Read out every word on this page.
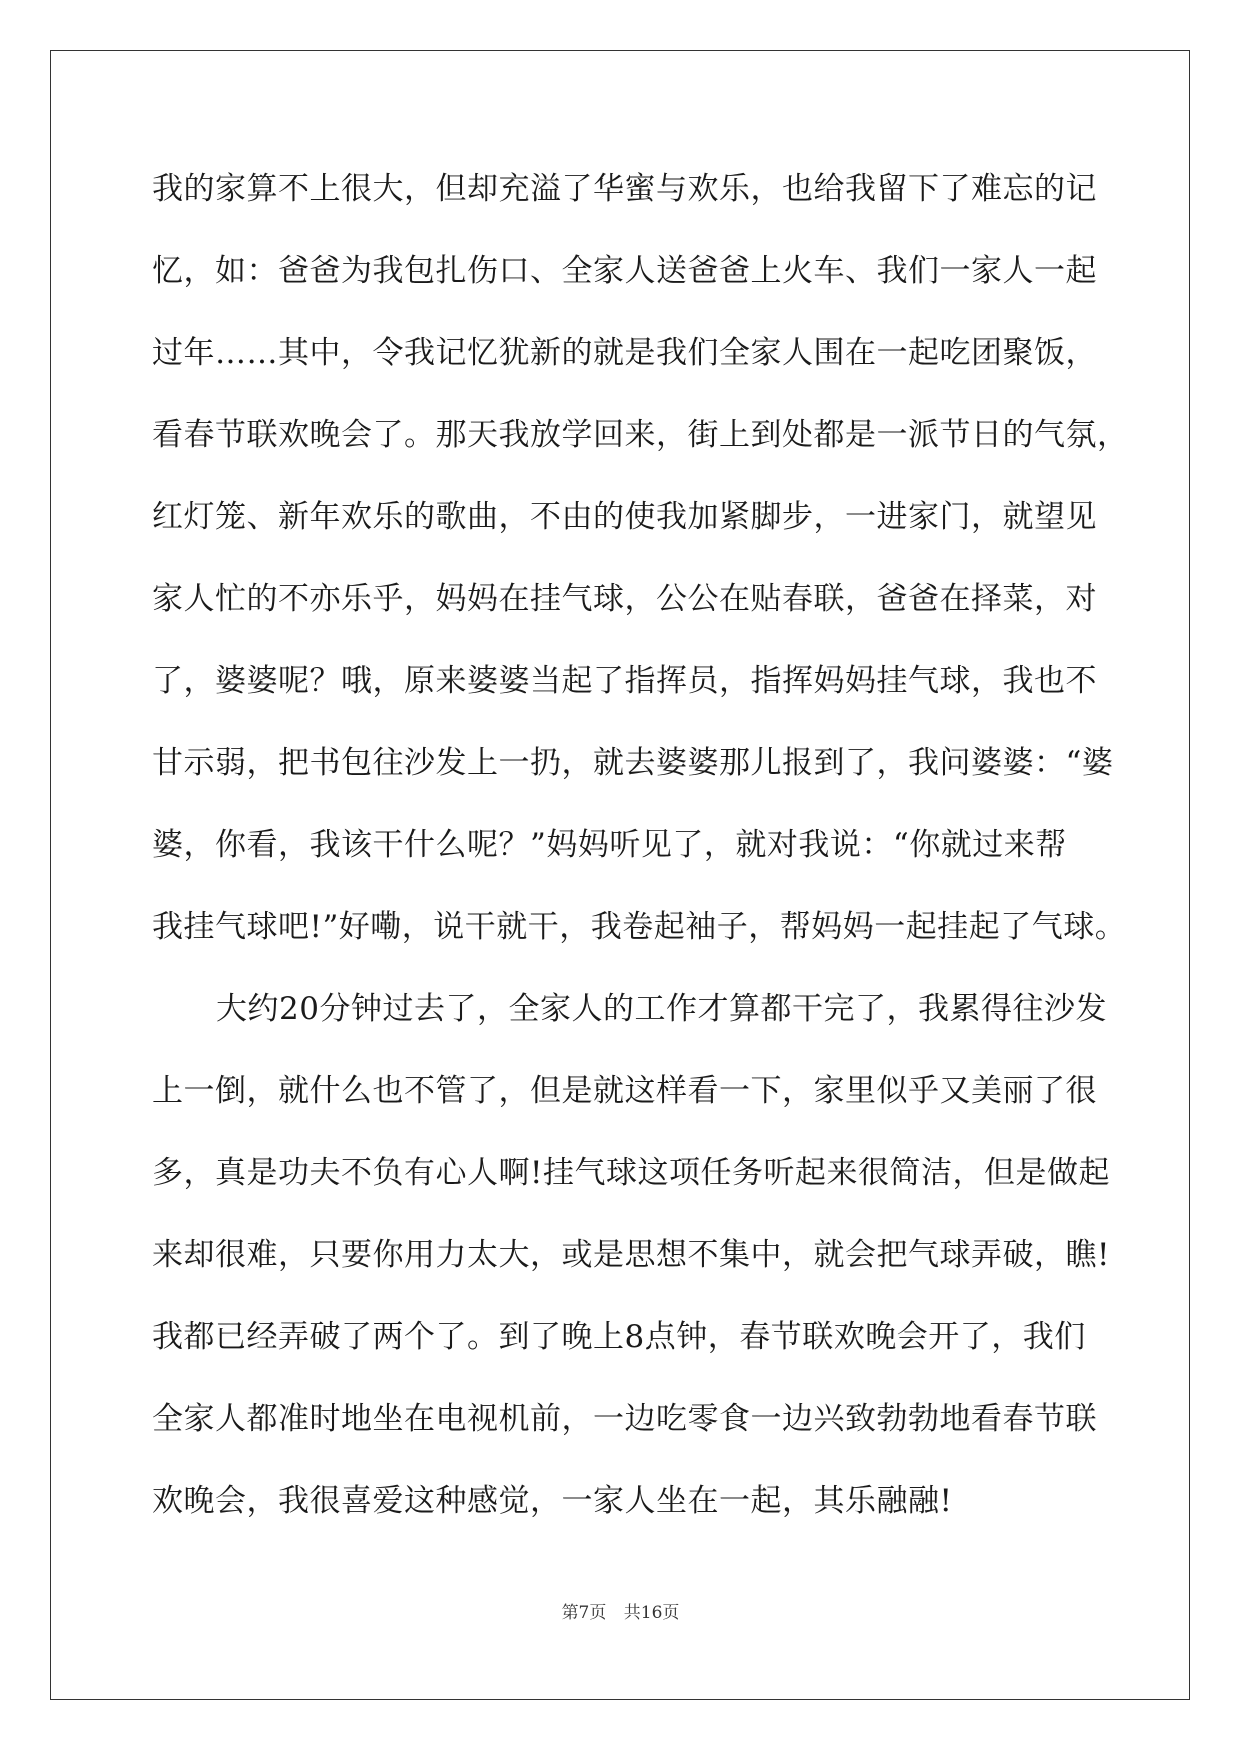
我的家算不上很大，但却充溢了华蜜与欢乐，也给我留下了难忘的记
忆，如：爸爸为我包扎伤口、全家人送爸爸上火车、我们一家人一起
过年……其中，令我记忆犹新的就是我们全家人围在一起吃团聚饭，
看春节联欢晚会了。那天我放学回来，街上到处都是一派节日的气氛，
红灯笼、新年欢乐的歌曲，不由的使我加紧脚步，一进家门，就望见
家人忙的不亦乐乎，妈妈在挂气球，公公在贴春联，爸爸在择菜，对
了，婆婆呢？哦，原来婆婆当起了指挥员，指挥妈妈挂气球，我也不
甘示弱，把书包往沙发上一扔，就去婆婆那儿报到了，我问婆婆：“婆
婆，你看，我该干什么呢？”妈妈听见了，就对我说：“你就过来帮
我挂气球吧!”好嘞，说干就干，我卷起袖子，帮妈妈一起挂起了气球。
大约20分钟过去了，全家人的工作才算都干完了，我累得往沙发
上一倒，就什么也不管了，但是就这样看一下，家里似乎又美丽了很
多，真是功夫不负有心人啊!挂气球这项任务听起来很简洁，但是做起
来却很难，只要你用力太大，或是思想不集中，就会把气球弄破，瞧!
我都已经弄破了两个了。到了晚上8点钟，春节联欢晚会开了，我们
全家人都准时地坐在电视机前，一边吃零食一边兴致勃勃地看春节联
欢晚会，我很喜爱这种感觉，一家人坐在一起，其乐融融!
第7页 共16页
